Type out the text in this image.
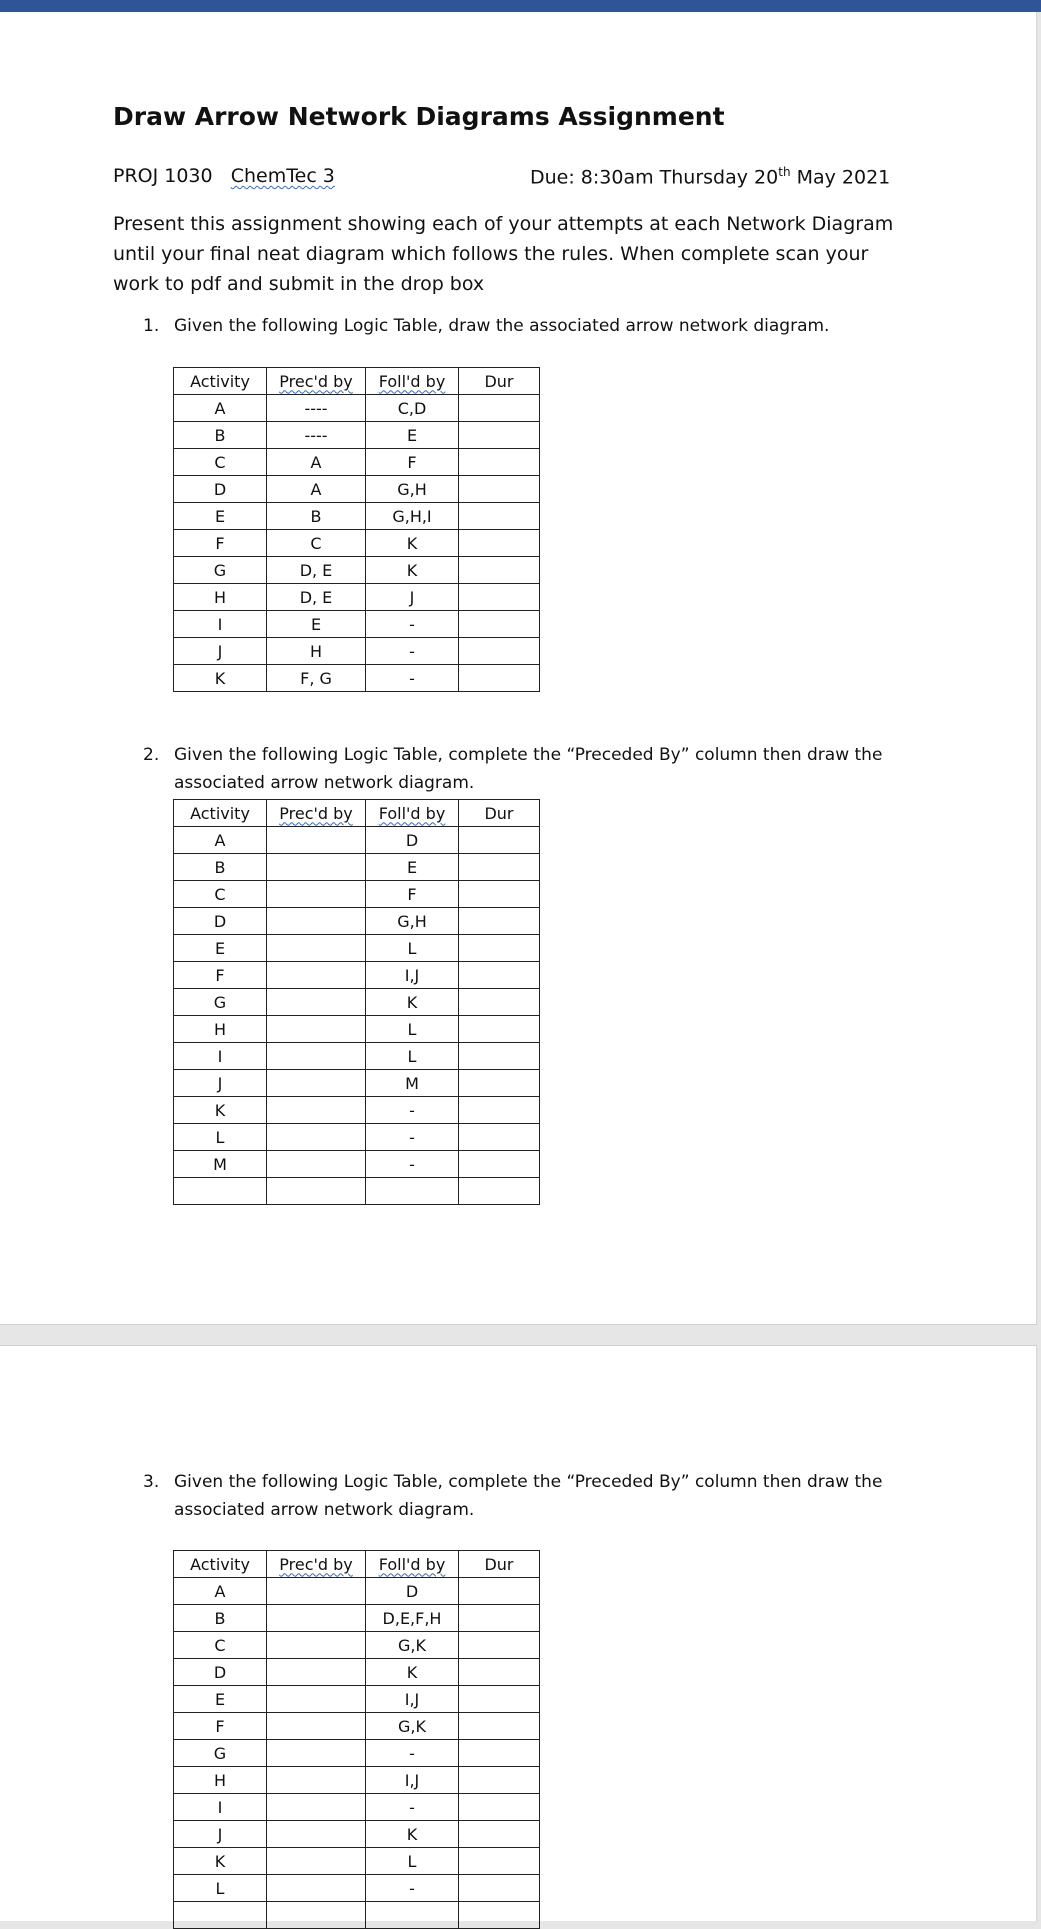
Draw Arrow Network Diagrams Assignment
PROJ 1030 ChemTec 3	Due: 8:30am Thursday 20th May 2021

Present this assignment showing each of your attempts at each Network Diagram until your final neat diagram which follows the rules. When complete scan your work to pdf and submit in the drop box

1. Given the following Logic Table, draw the associated arrow network diagram.
Activity	Prec'd by	Foll'd by	Dur
A	----	C,D	
B	----	E	
C	A	F	
D	A	G,H	
E	B	G,H,I	
F	C	K	
G	D, E	K	
H	D, E	J	
I	E	-	
J	H	-	
K	F, G	-	
2. Given the following Logic Table, complete the “Preceded By” column then draw the
associated arrow network diagram.
Activity	Prec'd by	Foll'd by	Dur
A		D	
B		E	
C		F	
D		G,H	
E		L	
F		I,J	
G		K	
H		L	
I		L	
J		M	
K		-	
L		-	
M		-	

3. Given the following Logic Table, complete the “Preceded By” column then draw the
associated arrow network diagram.
Activity	Prec'd by	Foll'd by	Dur
A		D	
B		D,E,F,H	
C		G,K	
D		K	
E		I,J	
F		G,K	
G		-	
H		I,J	
I		-	
J		K	
K		L	
L		-	
